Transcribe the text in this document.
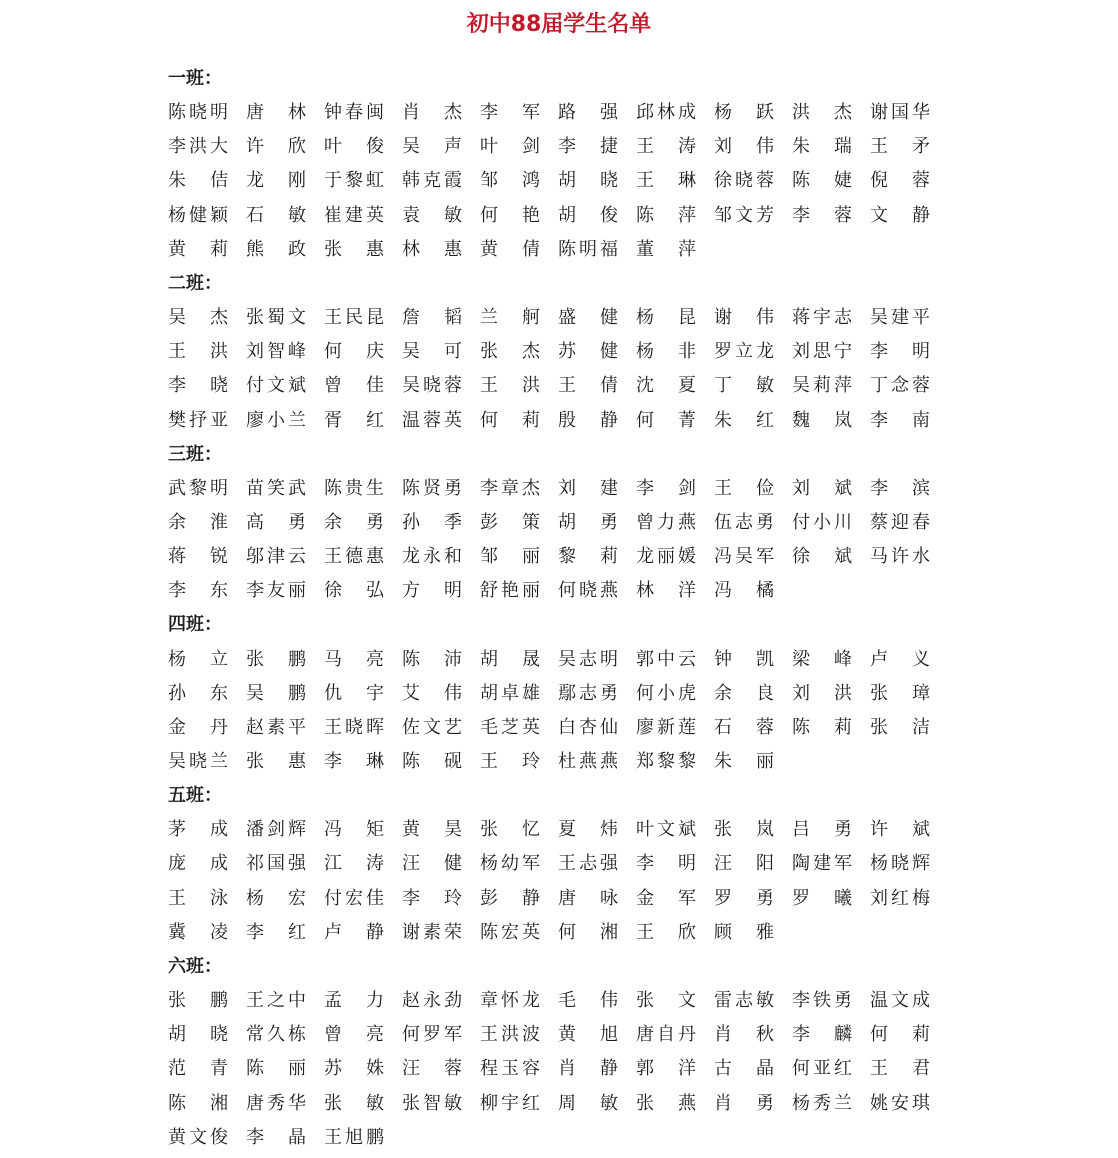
初中88届学生名单
一班：
陈 晓 明 唐 林 钟 春 闽 肖 杰 李 军 路 强 邱 林 成 杨 跃 洪 杰 谢 国 华
李 洪 大 许 欣 叶 俊 吴 声 叶 剑 李 捷 王 涛 刘 伟 朱 瑞 王 矛
朱 佶 龙 刚 于 黎 虹 韩 克 霞 邹 鸿 胡 晓 王 琳 徐 晓 蓉 陈 婕 倪 蓉
杨 健 颖 石 敏 崔 建 英 袁 敏 何 艳 胡 俊 陈 萍 邹 文 芳 李 蓉 文 静
黄 莉 熊 政 张 惠 林 惠 黄 倩 陈 明 福 董 萍
二班：
吴 杰 张 蜀 文 王 民 昆 詹 韬 兰 舸 盛 健 杨 昆 谢 伟 蒋 宇 志 吴 建 平
王 洪 刘 智 峰 何 庆 吴 可 张 杰 苏 健 杨 非 罗 立 龙 刘 思 宁 李 明
李 晓 付 文 斌 曾 佳 吴 晓 蓉 王 洪 王 倩 沈 夏 丁 敏 吴 莉 萍 丁 念 蓉
樊 抒 亚 廖 小 兰 胥 红 温 蓉 英 何 莉 殷 静 何 菁 朱 红 魏 岚 李 南
三班：
武 黎 明 苗 笑 武 陈 贵 生 陈 贤 勇 李 章 杰 刘 建 李 剑 王 俭 刘 斌 李 滨
余 淮 高 勇 余 勇 孙 季 彭 策 胡 勇 曾 力 燕 伍 志 勇 付 小 川 蔡 迎 春
蒋 锐 邬 津 云 王 德 惠 龙 永 和 邹 丽 黎 莉 龙 丽 媛 冯 吴 军 徐 斌 马 许 水
李 东 李 友 丽 徐 弘 方 明 舒 艳 丽 何 晓 燕 林 洋 冯 橘
四班：
杨 立 张 鹏 马 亮 陈 沛 胡 晟 吴 志 明 郭 中 云 钟 凯 梁 峰 卢 义
孙 东 吴 鹏 仇 宇 艾 伟 胡 卓 雄 鄢 志 勇 何 小 虎 余 良 刘 洪 张 璋
金 丹 赵 素 平 王 晓 晖 佐 文 艺 毛 芝 英 白 杏 仙 廖 新 莲 石 蓉 陈 莉 张 洁
吴 晓 兰 张 惠 李 琳 陈 砚 王 玲 杜 燕 燕 郑 黎 黎 朱 丽
五班：
茅 成 潘 剑 辉 冯 矩 黄 昊 张 忆 夏 炜 叶 文 斌 张 岚 吕 勇 许 斌
庞 成 祁 国 强 江 涛 汪 健 杨 幼 军 王 忐 强 李 明 汪 阳 陶 建 军 杨 晓 辉
王 泳 杨 宏 付 宏 佳 李 玲 彭 静 唐 咏 金 军 罗 勇 罗 曦 刘 红 梅
冀 凌 李 红 卢 静 谢 素 荣 陈 宏 英 何 湘 王 欣 顾 雅
六班：
张 鹏 王 之 中 孟 力 赵 永 劲 章 怀 龙 毛 伟 张 文 雷 志 敏 李 铁 勇 温 文 成
胡 晓 常 久 栋 曾 亮 何 罗 军 王 洪 波 黄 旭 唐 自 丹 肖 秋 李 麟 何 莉
范 青 陈 丽 苏 姝 汪 蓉 程 玉 容 肖 静 郭 洋 古 晶 何 亚 红 王 君
陈 湘 唐 秀 华 张 敏 张 智 敏 柳 宇 红 周 敏 张 燕 肖 勇 杨 秀 兰 姚 安 琪
黄 文 俊 李 晶 王 旭 鹏
